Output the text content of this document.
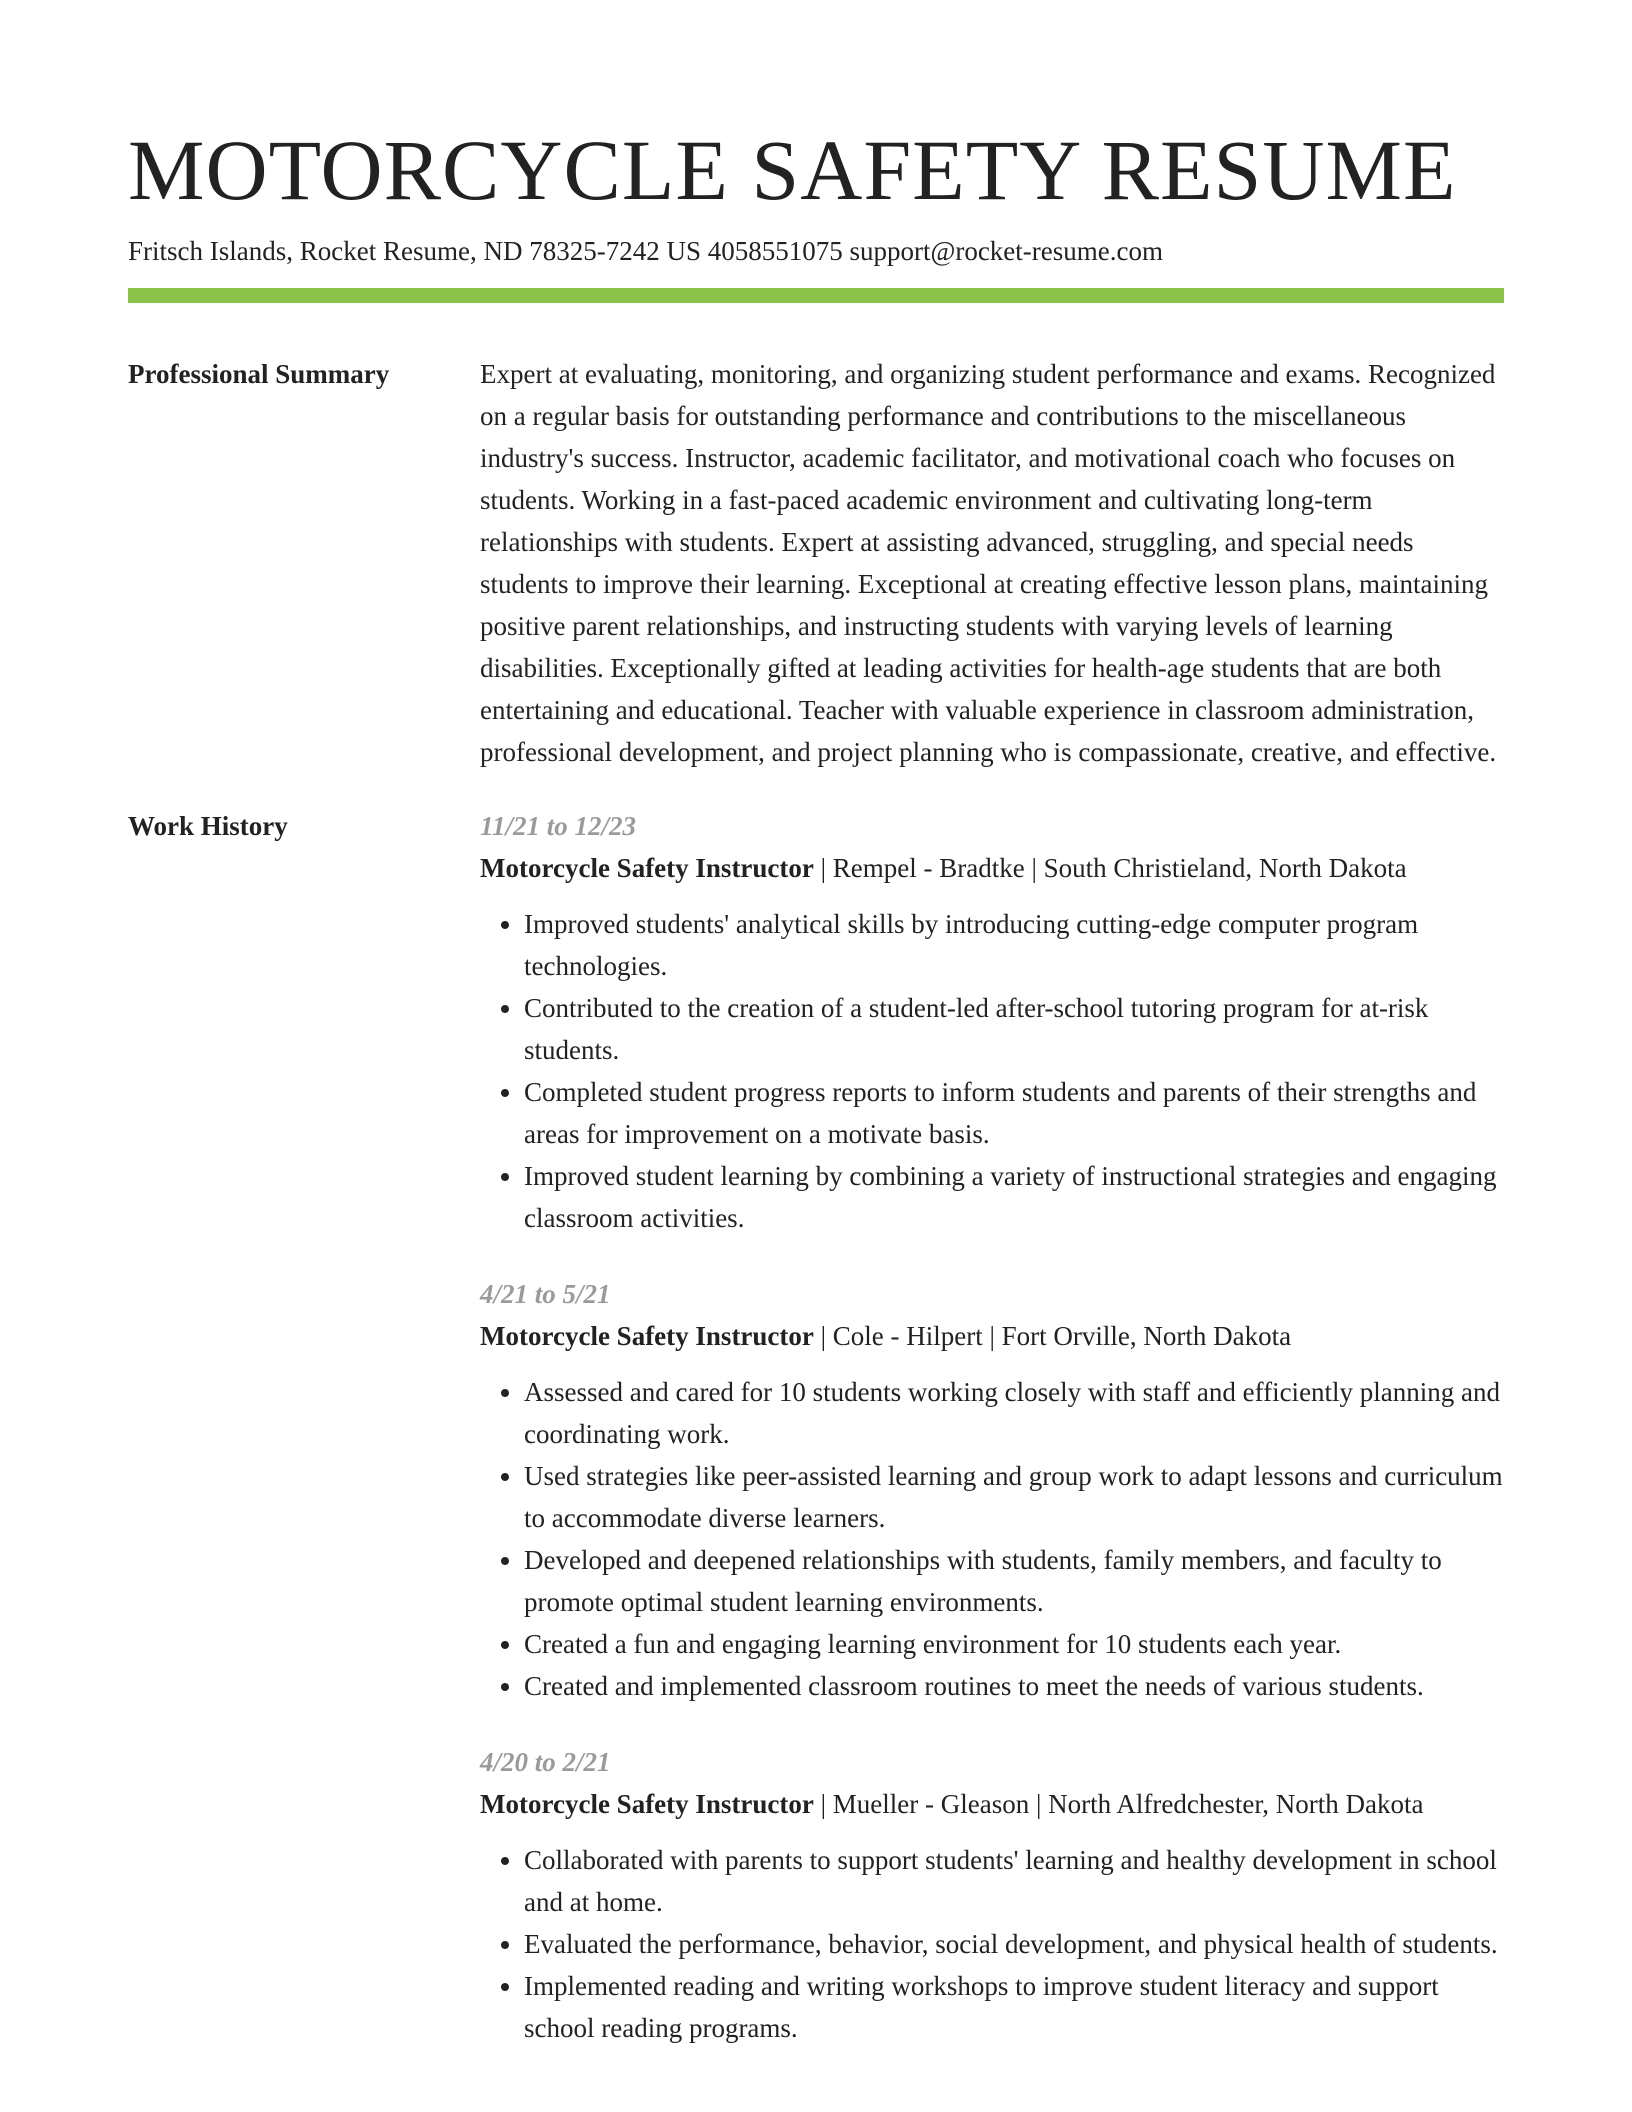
MOTORCYCLE SAFETY RESUME
Fritsch Islands, Rocket Resume, ND 78325-7242 US 4058551075 support@rocket-resume.com
Professional Summary	Expert at evaluating, monitoring, and organizing student performance and exams. Recognized on a regular basis for outstanding performance and contributions to the miscellaneous industry's success. Instructor, academic facilitator, and motivational coach who focuses on students. Working in a fast-paced academic environment and cultivating long-term relationships with students. Expert at assisting advanced, struggling, and special needs students to improve their learning. Exceptional at creating effective lesson plans, maintaining positive parent relationships, and instructing students with varying levels of learning disabilities. Exceptionally gifted at leading activities for health-age students that are both entertaining and educational. Teacher with valuable experience in classroom administration, professional development, and project planning who is compassionate, creative, and effective.

Work History	11/21 to 12/23
Motorcycle Safety Instructor | Rempel - Bradtke | South Christieland, North Dakota
• Improved students' analytical skills by introducing cutting-edge computer program technologies.
• Contributed to the creation of a student-led after-school tutoring program for at-risk students.
• Completed student progress reports to inform students and parents of their strengths and areas for improvement on a motivate basis.
• Improved student learning by combining a variety of instructional strategies and engaging classroom activities.
4/21 to 5/21
Motorcycle Safety Instructor | Cole - Hilpert | Fort Orville, North Dakota
• Assessed and cared for 10 students working closely with staff and efficiently planning and coordinating work.
• Used strategies like peer-assisted learning and group work to adapt lessons and curriculum to accommodate diverse learners.
• Developed and deepened relationships with students, family members, and faculty to promote optimal student learning environments.
• Created a fun and engaging learning environment for 10 students each year.
• Created and implemented classroom routines to meet the needs of various students.
4/20 to 2/21
Motorcycle Safety Instructor | Mueller - Gleason | North Alfredchester, North Dakota
• Collaborated with parents to support students' learning and healthy development in school and at home.
• Evaluated the performance, behavior, social development, and physical health of students.
• Implemented reading and writing workshops to improve student literacy and support school reading programs.
